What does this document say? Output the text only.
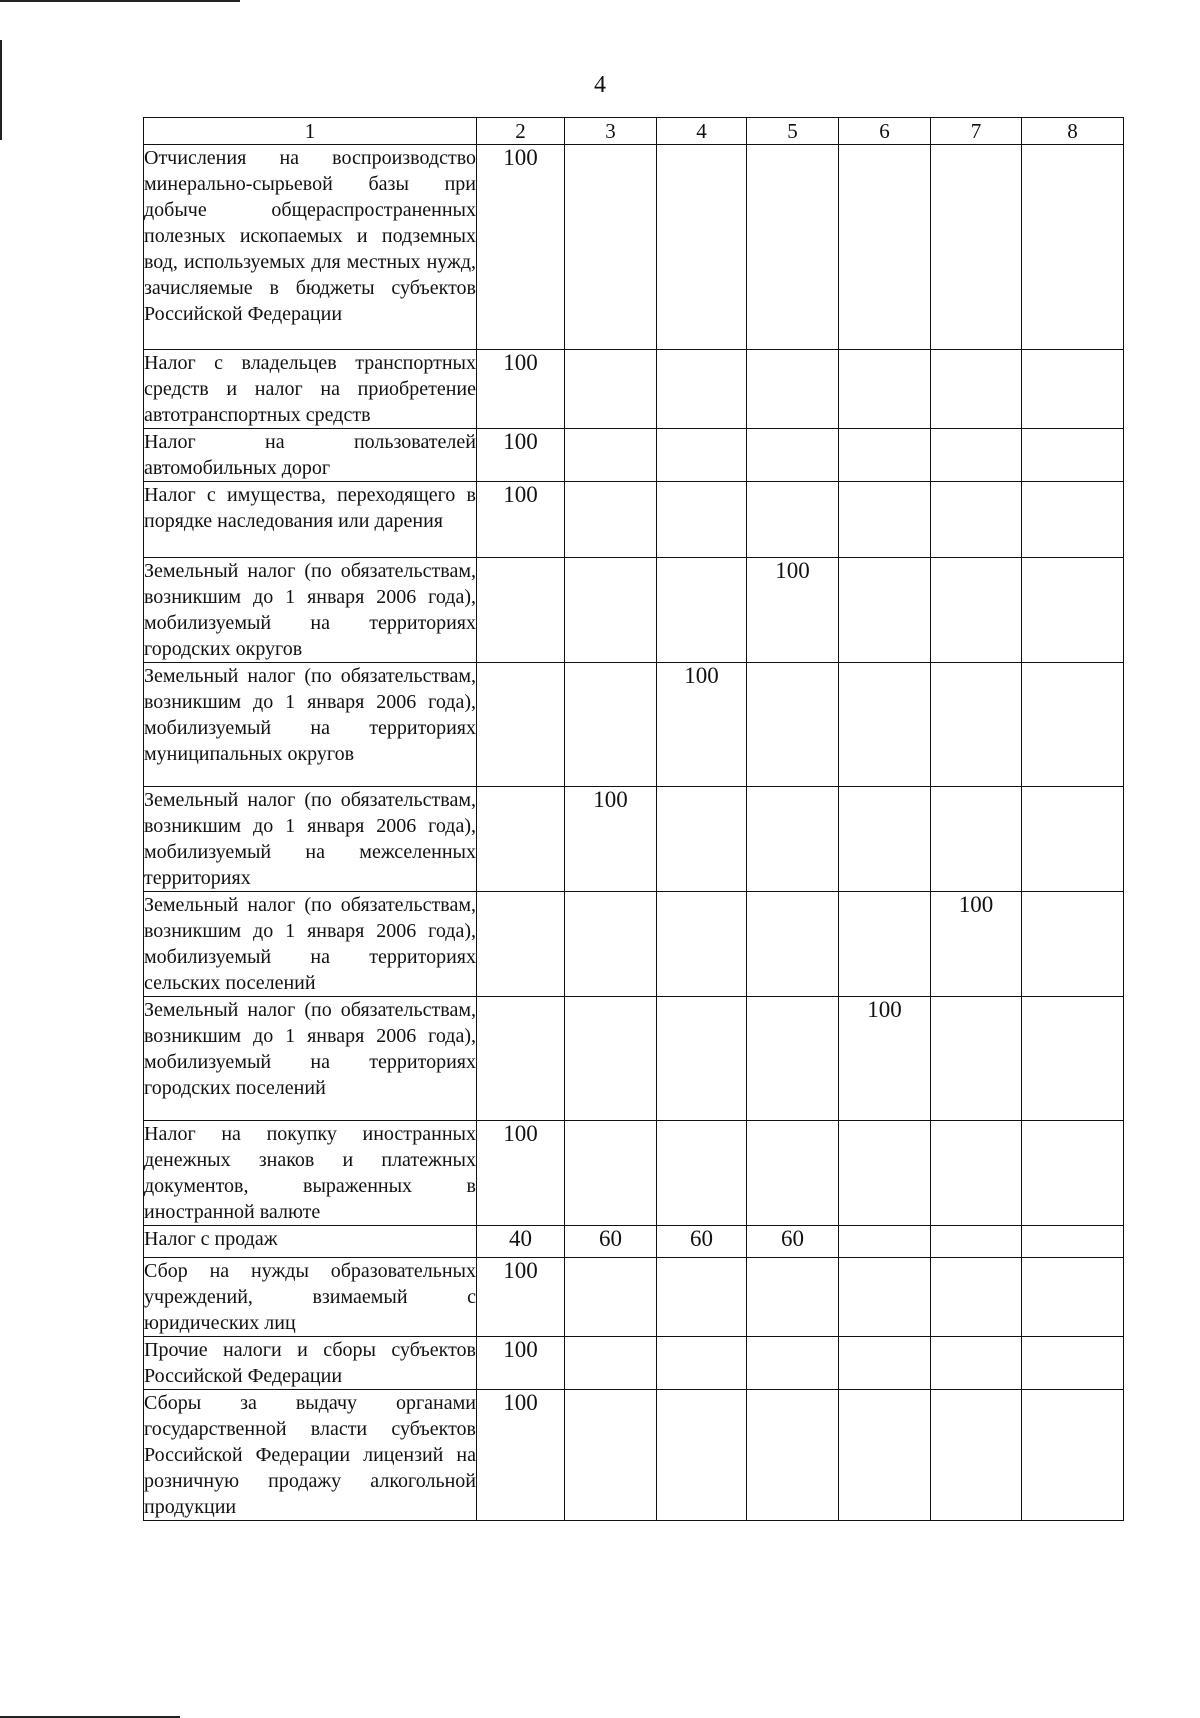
4
1	2	3	4	5	6	7	8
Отчисления на воспроизводство минерально-сырьевой базы при добыче общераспространенных полезных ископаемых и подземных вод, используемых для местных нужд, зачисляемые в бюджеты субъектов Российской Федерации	100						
Налог с владельцев транспортных средств и налог на приобретение автотранспортных средств	100						
Налог на пользователей автомобильных дорог	100						
Налог с имущества, переходящего в порядке наследования или дарения	100						
Земельный налог (по обязательствам, возникшим до 1 января 2006 года), мобилизуемый на территориях городских округов				100			
Земельный налог (по обязательствам, возникшим до 1 января 2006 года), мобилизуемый на территориях муниципальных округов			100				
Земельный налог (по обязательствам, возникшим до 1 января 2006 года), мобилизуемый на межселенных территориях		100					
Земельный налог (по обязательствам, возникшим до 1 января 2006 года), мобилизуемый на территориях сельских поселений						100	
Земельный налог (по обязательствам, возникшим до 1 января 2006 года), мобилизуемый на территориях городских поселений					100		
Налог на покупку иностранных денежных знаков и платежных документов, выраженных в иностранной валюте	100						
Налог с продаж	40	60	60	60			
Сбор на нужды образовательных учреждений, взимаемый с юридических лиц	100						
Прочие налоги и сборы субъектов Российской Федерации	100						
Сборы за выдачу органами государственной власти субъектов Российской Федерации лицензий на розничную продажу алкогольной продукции	100						
